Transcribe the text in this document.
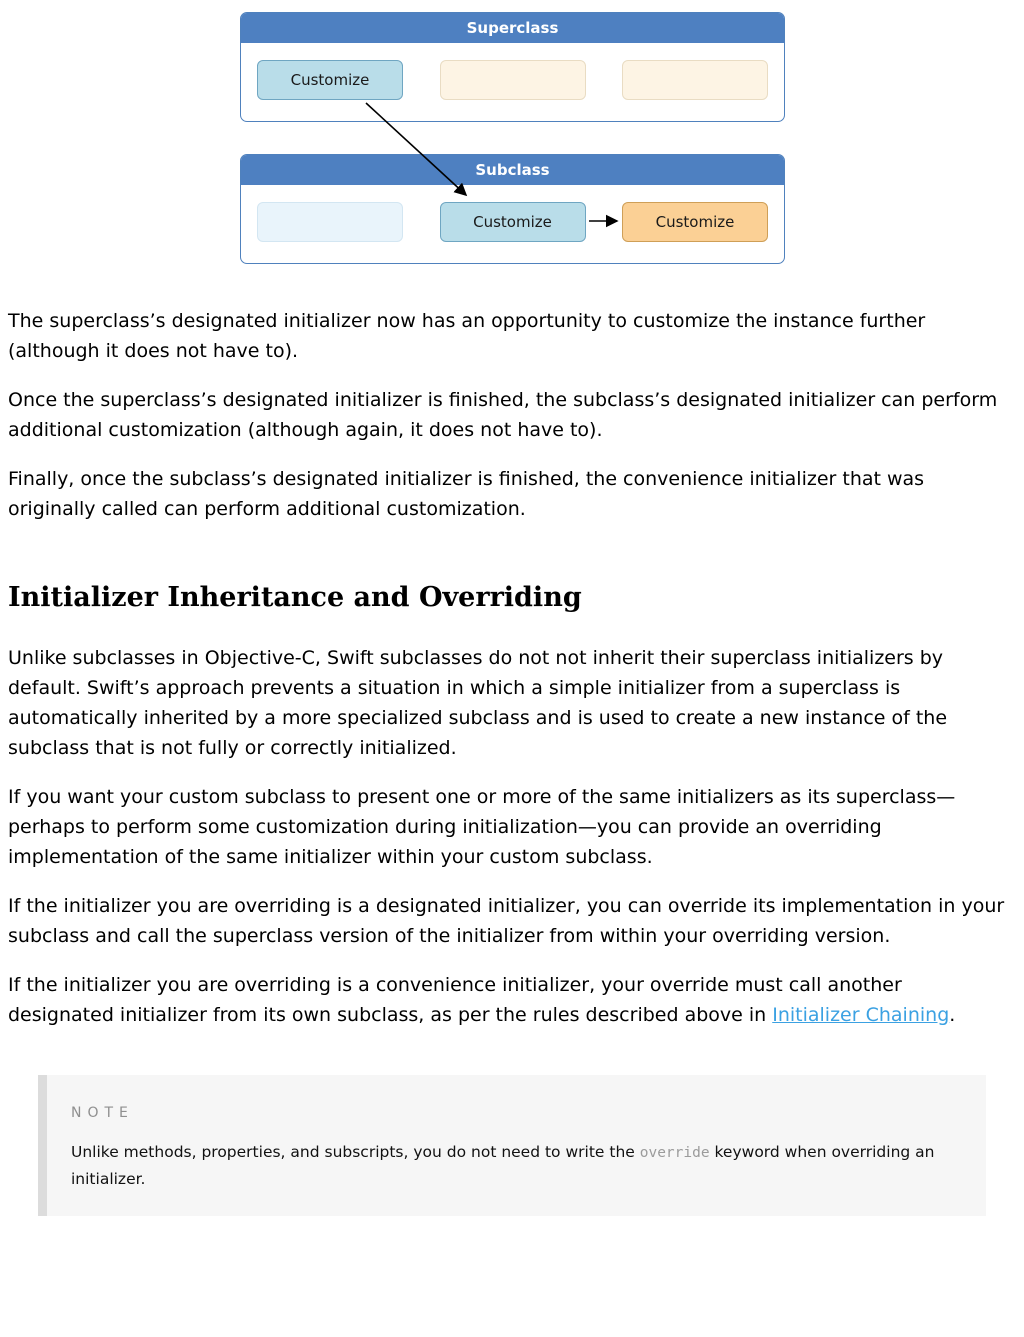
Superclass
Customize
Subclass
Customize	Customize

The superclass’s designated initializer now has an opportunity to customize the instance further (although it does not have to).

Once the superclass’s designated initializer is finished, the subclass’s designated initializer can perform additional customization (although again, it does not have to).

Finally, once the subclass’s designated initializer is finished, the convenience initializer that was originally called can perform additional customization.

Initializer Inheritance and Overriding

Unlike subclasses in Objective-C, Swift subclasses do not not inherit their superclass initializers by default. Swift’s approach prevents a situation in which a simple initializer from a superclass is automatically inherited by a more specialized subclass and is used to create a new instance of the subclass that is not fully or correctly initialized.

If you want your custom subclass to present one or more of the same initializers as its superclass—perhaps to perform some customization during initialization—you can provide an overriding implementation of the same initializer within your custom subclass.

If the initializer you are overriding is a designated initializer, you can override its implementation in your subclass and call the superclass version of the initializer from within your overriding version.

If the initializer you are overriding is a convenience initializer, your override must call another designated initializer from its own subclass, as per the rules described above in Initializer Chaining.

NOTE

Unlike methods, properties, and subscripts, you do not need to write the override keyword when overriding an initializer.
